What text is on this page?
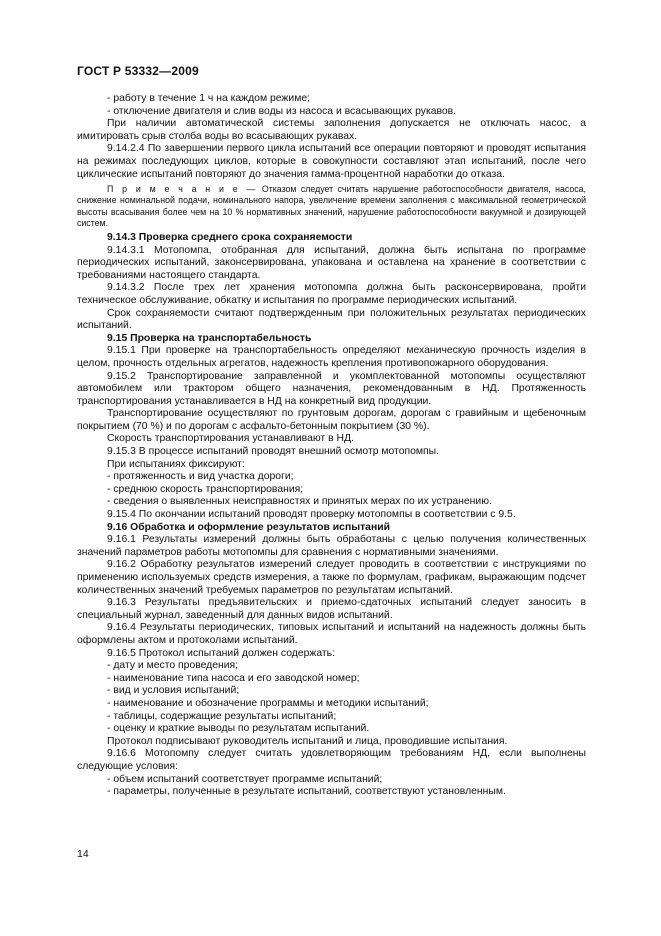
ГОСТ Р 53332—2009

- работу в течение 1 ч на каждом режиме;

- отключение двигателя и слив воды из насоса и всасывающих рукавов.

При наличии автоматической системы заполнения допускается не отключать насос, а имитировать срыв столба воды во всасывающих рукавах.

9.14.2.4 По завершении первого цикла испытаний все операции повторяют и проводят испытания на режимах последующих циклов, которые в совокупности составляют этап испытаний, после чего циклические испытаний повторяют до значения гамма-процентной наработки до отказа.

П р и м е ч а н и е — Отказом следует считать нарушение работоспособности двигателя, насоса, снижение номинальной подачи, номинального напора, увеличение времени заполнения с максимальной геометрической высоты всасывания более чем на 10 % нормативных значений, нарушение работоспособности вакуумной и дозирующей систем.

9.14.3 Проверка среднего срока сохраняемости

9.14.3.1 Мотопомпа, отобранная для испытаний, должна быть испытана по программе периодических испытаний, законсервирована, упакована и оставлена на хранение в соответствии с требованиями настоящего стандарта.

9.14.3.2 После трех лет хранения мотопомпа должна быть расконсервирована, пройти техническое обслуживание, обкатку и испытания по программе периодических испытаний.

Срок сохраняемости считают подтвержденным при положительных результатах периодических испытаний.

9.15 Проверка на транспортабельность

9.15.1 При проверке на транспортабельность определяют механическую прочность изделия в целом, прочность отдельных агрегатов, надежность крепления противопожарного оборудования.

9.15.2 Транспортирование заправленной и укомплектованной мотопомпы осуществляют автомобилем или трактором общего назначения, рекомендованным в НД. Протяженность транспортирования устанавливается в НД на конкретный вид продукции.

Транспортирование осуществляют по грунтовым дорогам, дорогам с гравийным и щебеночным покрытием (70 %) и по дорогам с асфальто-бетонным покрытием (30 %).

Скорость транспортирования устанавливают в НД.

9.15.3 В процессе испытаний проводят внешний осмотр мотопомпы.

При испытаниях фиксируют:

- протяженность и вид участка дороги;

- среднюю скорость транспортирования;

- сведения о выявленных неисправностях и принятых мерах по их устранению.

9.15.4 По окончании испытаний проводят проверку мотопомпы в соответствии с 9.5.

9.16 Обработка и оформление результатов испытаний

9.16.1 Результаты измерений должны быть обработаны с целью получения количественных значений параметров работы мотопомпы для сравнения с нормативными значениями.

9.16.2 Обработку результатов измерений следует проводить в соответствии с инструкциями по применению используемых средств измерения, а также по формулам, графикам, выражающим подсчет количественных значений требуемых параметров по результатам испытаний.

9.16.3 Результаты предъявительских и приемо-сдаточных испытаний следует заносить в специальный журнал, заведенный для данных видов испытаний.

9.16.4 Результаты периодических, типовых испытаний и испытаний на надежность должны быть оформлены актом и протоколами испытаний.

9.16.5 Протокол испытаний должен содержать:

- дату и место проведения;

- наименование типа насоса и его заводской номер;

- вид и условия испытаний;

- наименование и обозначение программы и методики испытаний;

- таблицы, содержащие результаты испытаний;

- оценку и краткие выводы по результатам испытаний.

Протокол подписывают руководитель испытаний и лица, проводившие испытания.

9.16.6 Мотопомпу следует считать удовлетворяющим требованиям НД, если выполнены следующие условия:

- объем испытаний соответствует программе испытаний;

- параметры, полученные в результате испытаний, соответствуют установленным.

14
